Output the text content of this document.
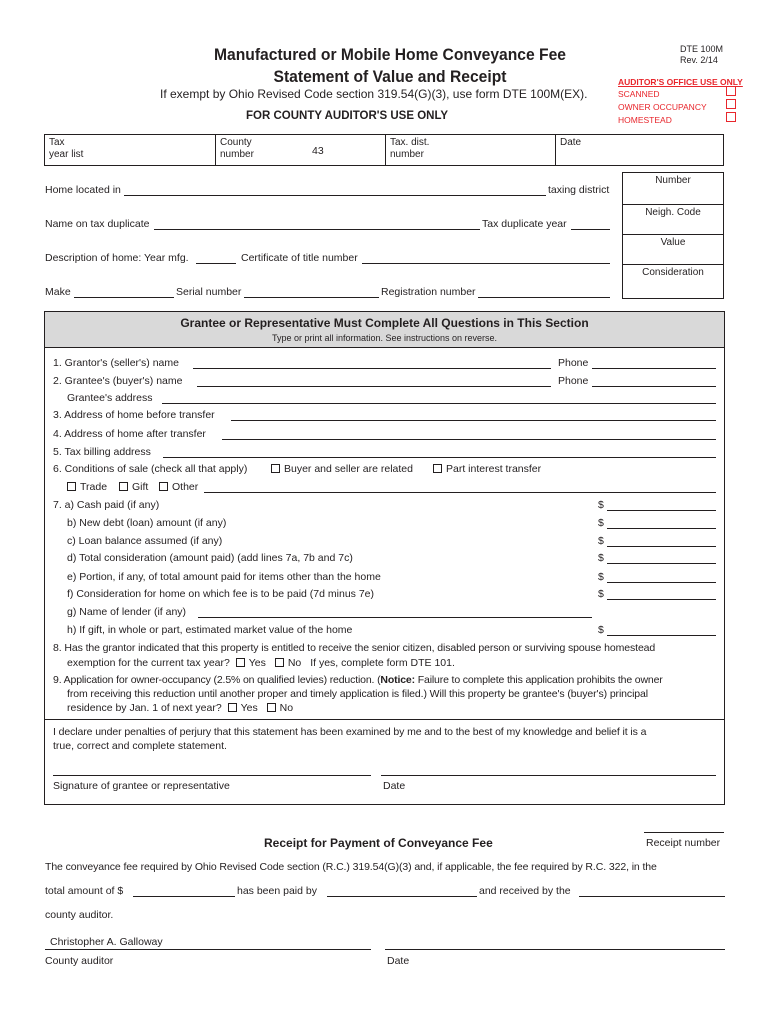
Manufactured or Mobile Home Conveyance Fee
Statement of Value and Receipt
DTE 100M
Rev. 2/14
If exempt by Ohio Revised Code section 319.54(G)(3), use form DTE 100M(EX).
FOR COUNTY AUDITOR'S USE ONLY
AUDITOR'S OFFICE USE ONLY
SCANNED
OWNER OCCUPANCY
HOMESTEAD
Tax
year list
County
number	43
Tax. dist.
number
Date
Number
Neigh. Code
Value
Consideration
Home located in	taxing district
Name on tax duplicate	Tax duplicate year
Description of home: Year mfg.	Certificate of title number
Make	Serial number	Registration number
Grantee or Representative Must Complete All Questions in This Section
Type or print all information. See instructions on reverse.
1. Grantor's (seller's) name	Phone
2. Grantee's (buyer's) name	Phone
Grantee's address
3. Address of home before transfer
4. Address of home after transfer
5. Tax billing address
6. Conditions of sale (check all that apply)	Buyer and seller are related	Part interest transfer
Trade	Gift	Other
7. a) Cash paid (if any)	$
b) New debt (loan) amount (if any)	$
c) Loan balance assumed (if any)	$
d) Total consideration (amount paid) (add lines 7a, 7b and 7c)	$
e) Portion, if any, of total amount paid for items other than the home	$
f) Consideration for home on which fee is to be paid (7d minus 7e)	$
g) Name of lender (if any)
h) If gift, in whole or part, estimated market value of the home	$
8. Has the grantor indicated that this property is entitled to receive the senior citizen, disabled person or surviving spouse homestead
exemption for the current tax year? Yes No If yes, complete form DTE 101.
9. Application for owner-occupancy (2.5% on qualified levies) reduction. (Notice: Failure to complete this application prohibits the owner
from receiving this reduction until another proper and timely application is filed.) Will this property be grantee's (buyer's) principal
residence by Jan. 1 of next year? Yes No
I declare under penalties of perjury that this statement has been examined by me and to the best of my knowledge and belief it is a
true, correct and complete statement.
Signature of grantee or representative	Date
Receipt for Payment of Conveyance Fee	Receipt number
The conveyance fee required by Ohio Revised Code section (R.C.) 319.54(G)(3) and, if applicable, the fee required by R.C. 322, in the
total amount of $	has been paid by	and received by the
county auditor.
Christopher A. Galloway
County auditor	Date
